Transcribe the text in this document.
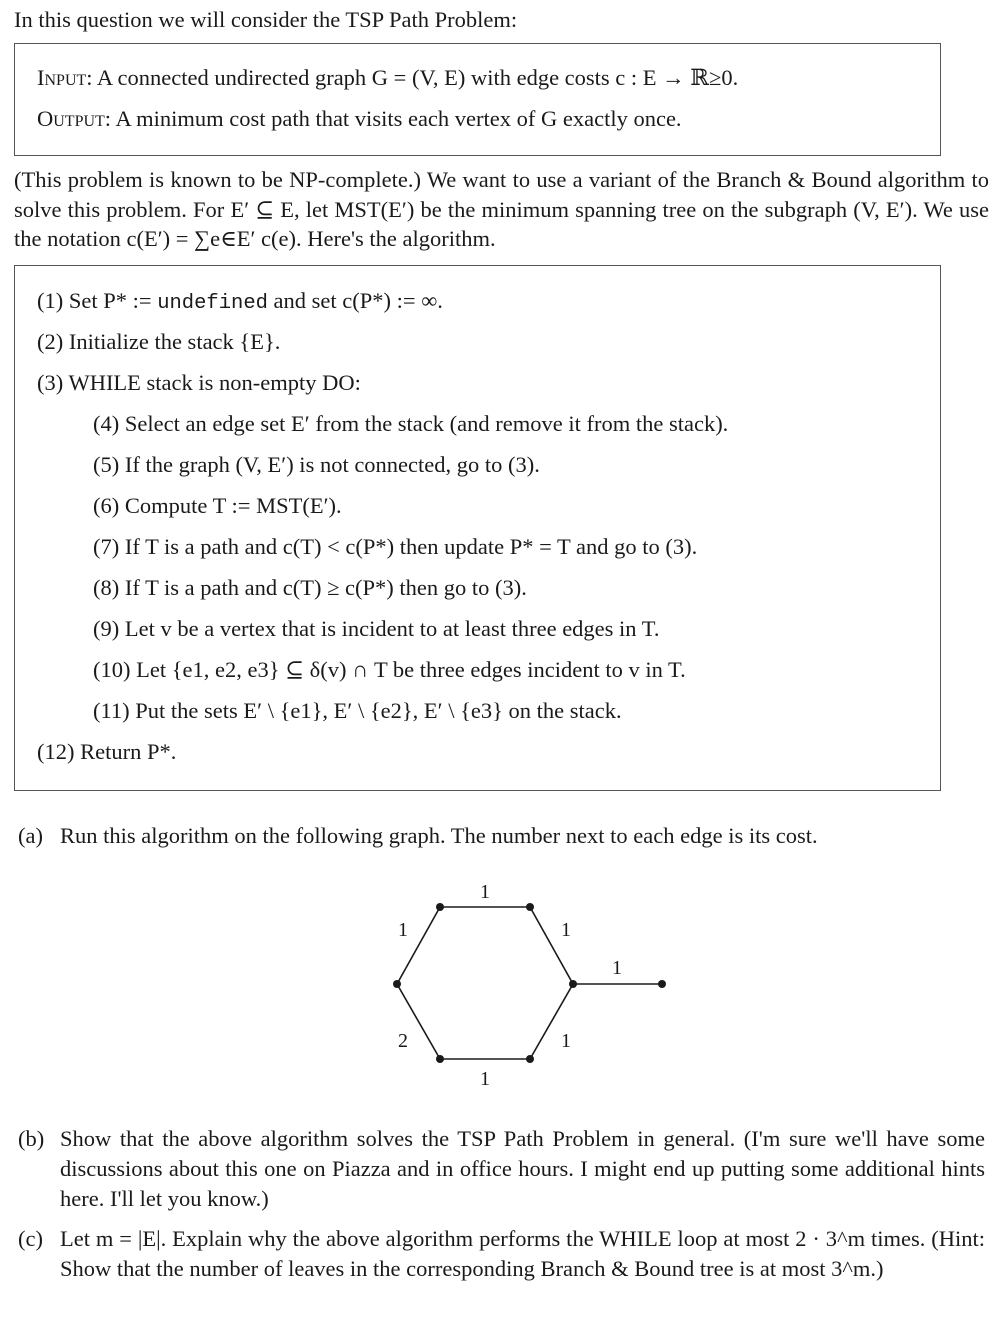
In this question we will consider the TSP Path Problem:
Input: A connected undirected graph G = (V, E) with edge costs c : E → ℝ≥0.
Output: A minimum cost path that visits each vertex of G exactly once.
(This problem is known to be NP-complete.) We want to use a variant of the Branch & Bound algorithm to solve this problem. For E′ ⊆ E, let MST(E′) be the minimum spanning tree on the subgraph (V, E′). We use the notation c(E′) = ∑e∈E′ c(e). Here's the algorithm.
(1) Set P* := undefined and set c(P*) := ∞.
(2) Initialize the stack {E}.
(3) WHILE stack is non-empty DO:
(4) Select an edge set E′ from the stack (and remove it from the stack).
(5) If the graph (V, E′) is not connected, go to (3).
(6) Compute T := MST(E′).
(7) If T is a path and c(T) < c(P*) then update P* = T and go to (3).
(8) If T is a path and c(T) ≥ c(P*) then go to (3).
(9) Let v be a vertex that is incident to at least three edges in T.
(10) Let {e1, e2, e3} ⊆ δ(v) ∩ T be three edges incident to v in T.
(11) Put the sets E′ \ {e1}, E′ \ {e2}, E′ \ {e3} on the stack.
(12) Return P*.
(a) Run this algorithm on the following graph. The number next to each edge is its cost.
1
1	1
1
2	1
1
(b) Show that the above algorithm solves the TSP Path Problem in general. (I'm sure we'll have some discussions about this one on Piazza and in office hours. I might end up putting some additional hints here. I'll let you know.)
(c) Let m = |E|. Explain why the above algorithm performs the WHILE loop at most 2 · 3^m times. (Hint: Show that the number of leaves in the corresponding Branch & Bound tree is at most 3^m.)
